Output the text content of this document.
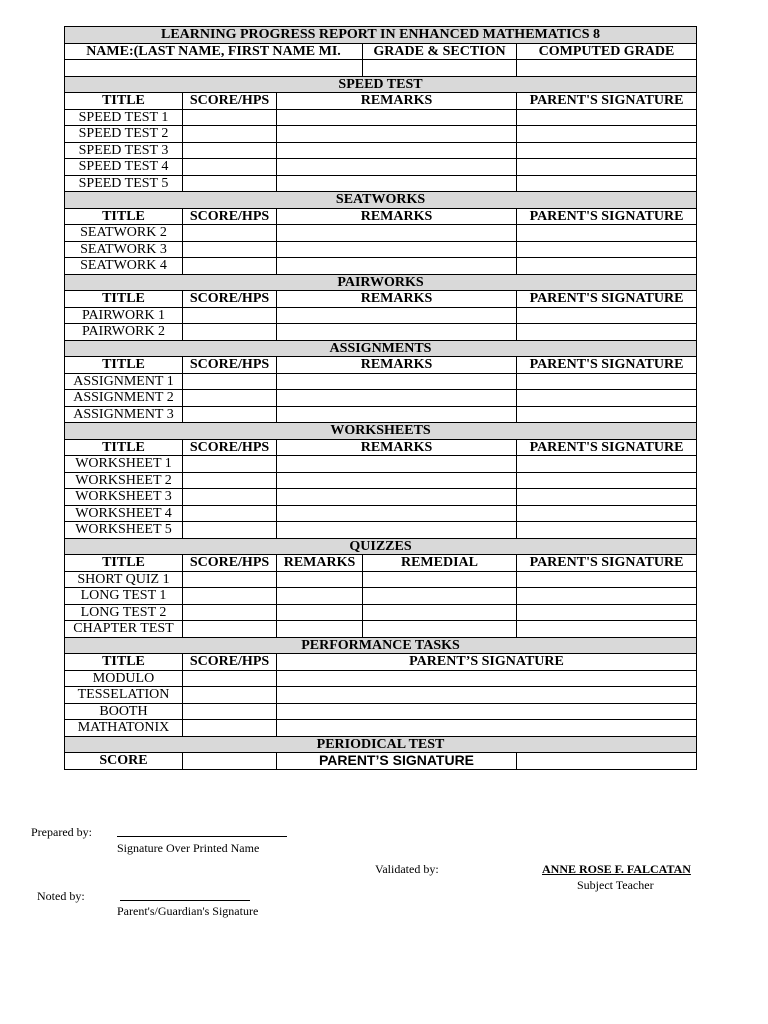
LEARNING PROGRESS REPORT IN ENHANCED MATHEMATICS 8				
NAME:(LAST NAME, FIRST NAME MI.			GRADE & SECTION	COMPUTED GRADE

SPEED TEST				
TITLE	SCORE/HPS	REMARKS		PARENT'S SIGNATURE
SPEED TEST 1				
SPEED TEST 2				
SPEED TEST 3				
SPEED TEST 4				
SPEED TEST 5				
SEATWORKS				
TITLE	SCORE/HPS	REMARKS		PARENT'S SIGNATURE
SEATWORK 2				
SEATWORK 3				
SEATWORK 4				
PAIRWORKS				
TITLE	SCORE/HPS	REMARKS		PARENT'S SIGNATURE
PAIRWORK 1				
PAIRWORK 2				
ASSIGNMENTS				
TITLE	SCORE/HPS	REMARKS		PARENT'S SIGNATURE
ASSIGNMENT 1				
ASSIGNMENT 2				
ASSIGNMENT 3				
WORKSHEETS				
TITLE	SCORE/HPS	REMARKS		PARENT'S SIGNATURE
WORKSHEET 1				
WORKSHEET 2				
WORKSHEET 3				
WORKSHEET 4				
WORKSHEET 5				
QUIZZES				
TITLE	SCORE/HPS	REMARKS	REMEDIAL	PARENT'S SIGNATURE
SHORT QUIZ 1				
LONG TEST 1				
LONG TEST 2				
CHAPTER TEST				
PERFORMANCE TASKS				
TITLE	SCORE/HPS	PARENT’S SIGNATURE		
MODULO				
TESSELATION				
BOOTH				
MATHATONIX				
PERIODICAL TEST				
SCORE		PARENT’S SIGNATURE		
Prepared by:
Signature Over Printed Name
Validated by:	ANNE ROSE F. FALCATAN
Subject Teacher
Noted by:
Parent's/Guardian's Signature
